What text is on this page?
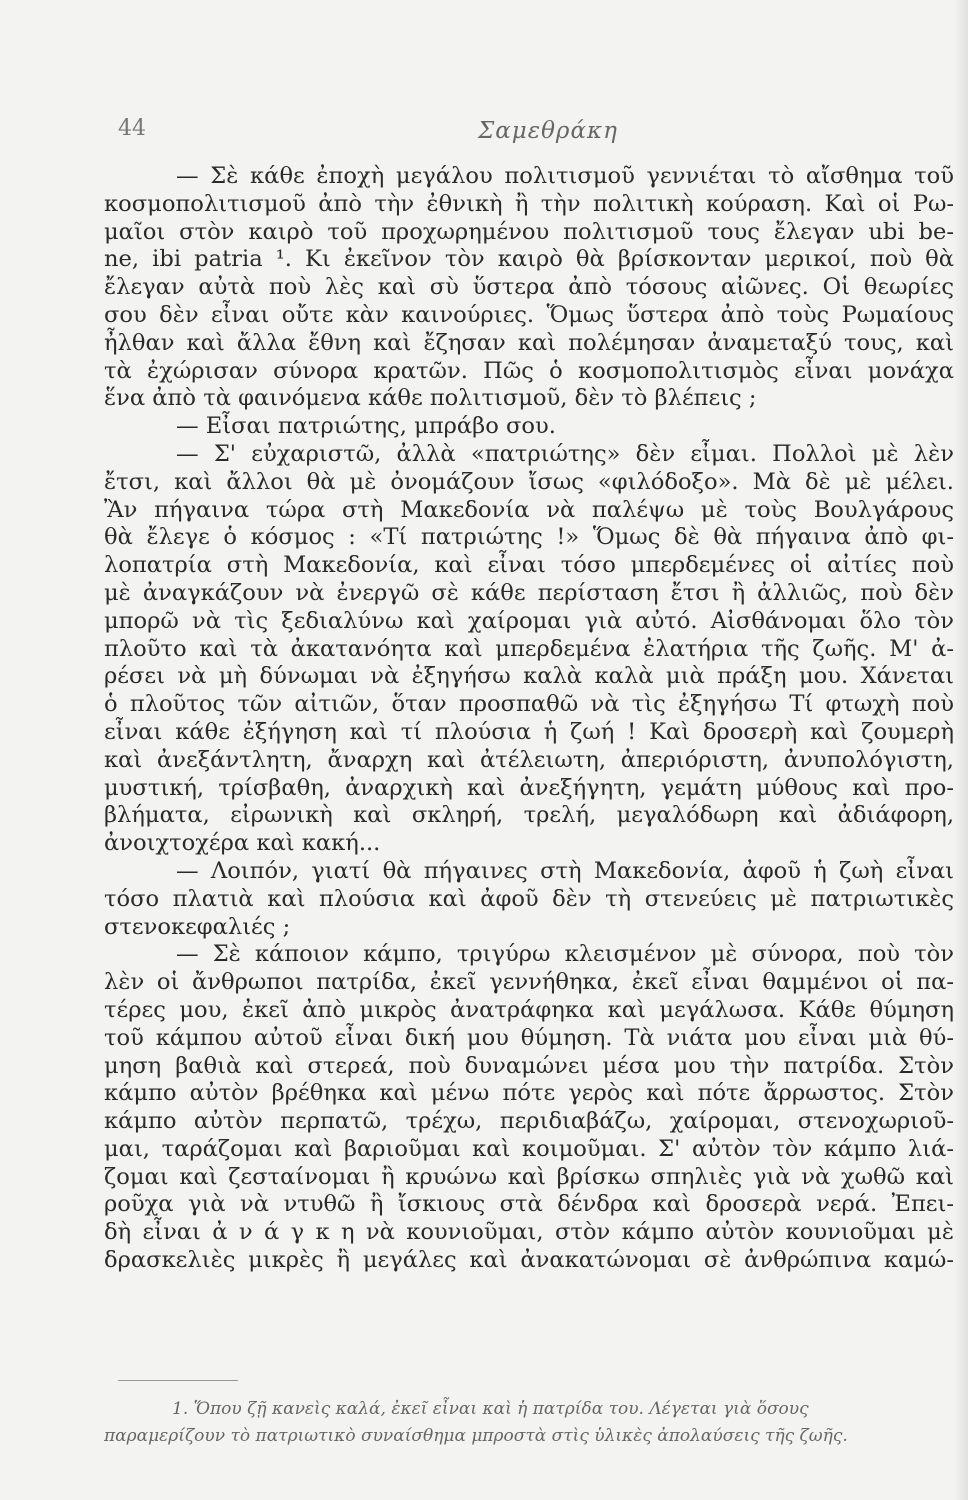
44	Σαμεθράκη
— Σὲ κάθε ἐποχὴ μεγάλου πολιτισμοῦ γεννιέται τὸ αἴσθημα τοῦ
κοσμοπολιτισμοῦ ἀπὸ τὴν ἐθνικὴ ἢ τὴν πολιτικὴ κούραση. Καὶ οἱ Ρω-
μαῖοι στὸν καιρὸ τοῦ προχωρημένου πολιτισμοῦ τους ἔλεγαν ubi be-
ne, ibi patria ¹. Κι ἐκεῖνον τὸν καιρὸ θὰ βρίσκονταν μερικοί, ποὺ θὰ
ἔλεγαν αὐτὰ ποὺ λὲς καὶ σὺ ὕστερα ἀπὸ τόσους αἰῶνες. Οἱ θεωρίες
σου δὲν εἶναι οὔτε κὰν καινούριες. Ὅμως ὕστερα ἀπὸ τοὺς Ρωμαίους
ἦλθαν καὶ ἄλλα ἔθνη καὶ ἔζησαν καὶ πολέμησαν ἀναμεταξύ τους, καὶ
τὰ ἐχώρισαν σύνορα κρατῶν. Πῶς ὁ κοσμοπολιτισμὸς εἶναι μονάχα
ἕνα ἀπὸ τὰ φαινόμενα κάθε πολιτισμοῦ, δὲν τὸ βλέπεις ;
— Εἶσαι πατριώτης, μπράβο σου.
— Σ' εὐχαριστῶ, ἀλλὰ «πατριώτης» δὲν εἶμαι. Πολλοὶ μὲ λὲν
ἔτσι, καὶ ἄλλοι θὰ μὲ ὀνομάζουν ἴσως «φιλόδοξο». Μὰ δὲ μὲ μέλει.
Ἂν πήγαινα τώρα στὴ Μακεδονία νὰ παλέψω μὲ τοὺς Βουλγάρους
θὰ ἔλεγε ὁ κόσμος : «Τί πατριώτης !» Ὅμως δὲ θὰ πήγαινα ἀπὸ φι-
λοπατρία στὴ Μακεδονία, καὶ εἶναι τόσο μπερδεμένες οἱ αἰτίες ποὺ
μὲ ἀναγκάζουν νὰ ἐνεργῶ σὲ κάθε περίσταση ἔτσι ἢ ἀλλιῶς, ποὺ δὲν
μπορῶ νὰ τὶς ξεδιαλύνω καὶ χαίρομαι γιὰ αὐτό. Αἰσθάνομαι ὅλο τὸν
πλοῦτο καὶ τὰ ἀκατανόητα καὶ μπερδεμένα ἐλατήρια τῆς ζωῆς. Μ' ἀ-
ρέσει νὰ μὴ δύνωμαι νὰ ἐξηγήσω καλὰ καλὰ μιὰ πράξη μου. Χάνεται
ὁ πλοῦτος τῶν αἰτιῶν, ὅταν προσπαθῶ νὰ τὶς ἐξηγήσω Τί φτωχὴ ποὺ
εἶναι κάθε ἐξήγηση καὶ τί πλούσια ἡ ζωή ! Καὶ δροσερὴ καὶ ζουμερὴ
καὶ ἀνεξάντλητη, ἄναρχη καὶ ἀτέλειωτη, ἀπεριόριστη, ἀνυπολόγιστη,
μυστική, τρίσβαθη, ἀναρχικὴ καὶ ἀνεξήγητη, γεμάτη μύθους καὶ προ-
βλήματα, εἰρωνικὴ καὶ σκληρή, τρελή, μεγαλόδωρη καὶ ἀδιάφορη,
ἀνοιχτοχέρα καὶ κακή...
— Λοιπόν, γιατί θὰ πήγαινες στὴ Μακεδονία, ἀφοῦ ἡ ζωὴ εἶναι
τόσο πλατιὰ καὶ πλούσια καὶ ἀφοῦ δὲν τὴ στενεύεις μὲ πατριωτικὲς
στενοκεφαλιές ;
— Σὲ κάποιον κάμπο, τριγύρω κλεισμένον μὲ σύνορα, ποὺ τὸν
λὲν οἱ ἄνθρωποι πατρίδα, ἐκεῖ γεννήθηκα, ἐκεῖ εἶναι θαμμένοι οἱ πα-
τέρες μου, ἐκεῖ ἀπὸ μικρὸς ἀνατράφηκα καὶ μεγάλωσα. Κάθε θύμηση
τοῦ κάμπου αὐτοῦ εἶναι δική μου θύμηση. Τὰ νιάτα μου εἶναι μιὰ θύ-
μηση βαθιὰ καὶ στερεά, ποὺ δυναμώνει μέσα μου τὴν πατρίδα. Στὸν
κάμπο αὐτὸν βρέθηκα καὶ μένω πότε γερὸς καὶ πότε ἄρρωστος. Στὸν
κάμπο αὐτὸν περπατῶ, τρέχω, περιδιαβάζω, χαίρομαι, στενοχωριοῦ-
μαι, ταράζομαι καὶ βαριοῦμαι καὶ κοιμοῦμαι. Σ' αὐτὸν τὸν κάμπο λιά-
ζομαι καὶ ζεσταίνομαι ἢ κρυώνω καὶ βρίσκω σπηλιὲς γιὰ νὰ χωθῶ καὶ
ροῦχα γιὰ νὰ ντυθῶ ἢ ἴσκιους στὰ δένδρα καὶ δροσερὰ νερά. Ἐπει-
δὴ εἶναι ἀ ν ά γ κ η νὰ κουνιοῦμαι, στὸν κάμπο αὐτὸν κουνιοῦμαι μὲ
δρασκελιὲς μικρὲς ἢ μεγάλες καὶ ἀνακατώνομαι σὲ ἀνθρώπινα καμώ-
1. Ὅπου ζῇ κανεὶς καλά, ἐκεῖ εἶναι καὶ ἡ πατρίδα του. Λέγεται γιὰ ὅσους
παραμερίζουν τὸ πατριωτικὸ συναίσθημα μπροστὰ στὶς ὑλικὲς ἀπολαύσεις τῆς ζωῆς.
